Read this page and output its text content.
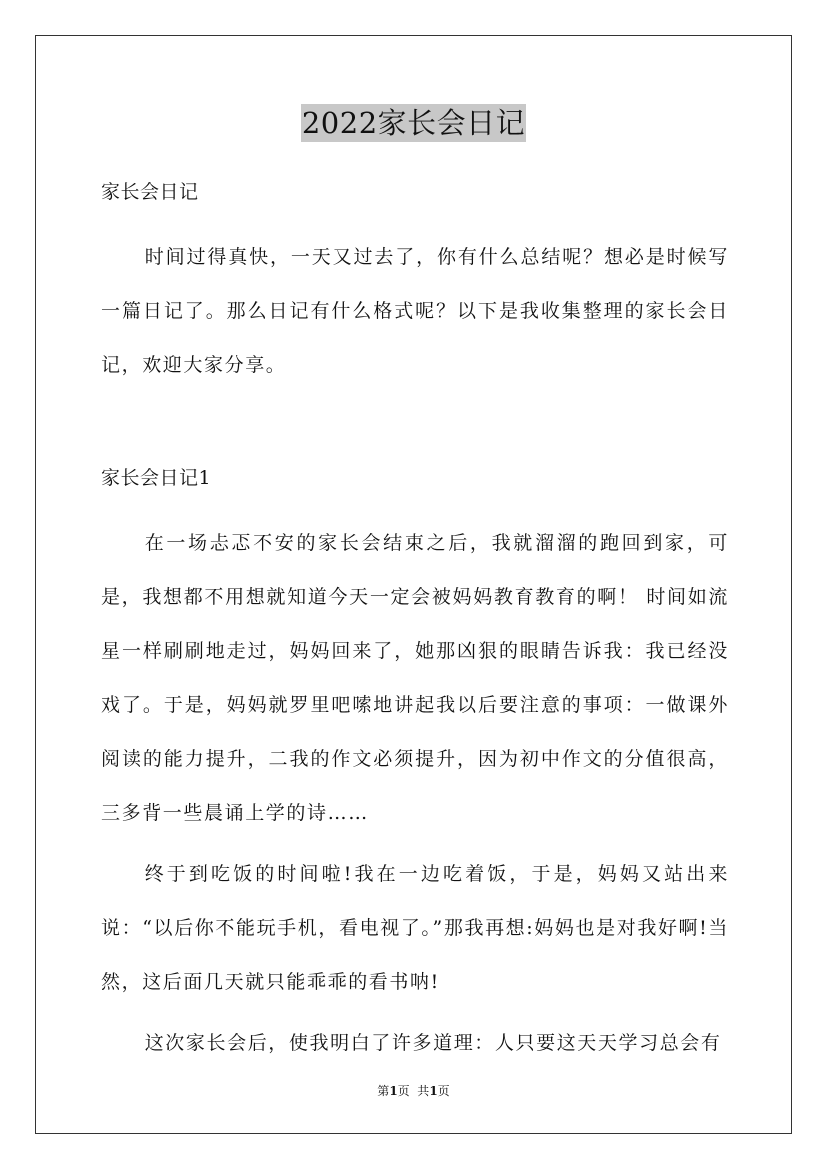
2022家长会日记

家长会日记

时间过得真快，一天又过去了，你有什么总结呢？想必是时候写一篇日记了。那么日记有什么格式呢？以下是我收集整理的家长会日记，欢迎大家分享。

家长会日记1

在一场忐忑不安的家长会结束之后，我就溜溜的跑回到家，可是，我想都不用想就知道今天一定会被妈妈教育教育的啊！ 时间如流星一样刷刷地走过，妈妈回来了，她那凶狠的眼睛告诉我：我已经没戏了。于是，妈妈就罗里吧嗦地讲起我以后要注意的事项：一做课外阅读的能力提升，二我的作文必须提升，因为初中作文的分值很高，三多背一些晨诵上学的诗……

终于到吃饭的时间啦!我在一边吃着饭，于是，妈妈又站出来说：“以后你不能玩手机，看电视了。”那我再想:妈妈也是对我好啊!当然，这后面几天就只能乖乖的看书呐!

这次家长会后，使我明白了许多道理：人只要这天天学习总会有

第1页  共1页
